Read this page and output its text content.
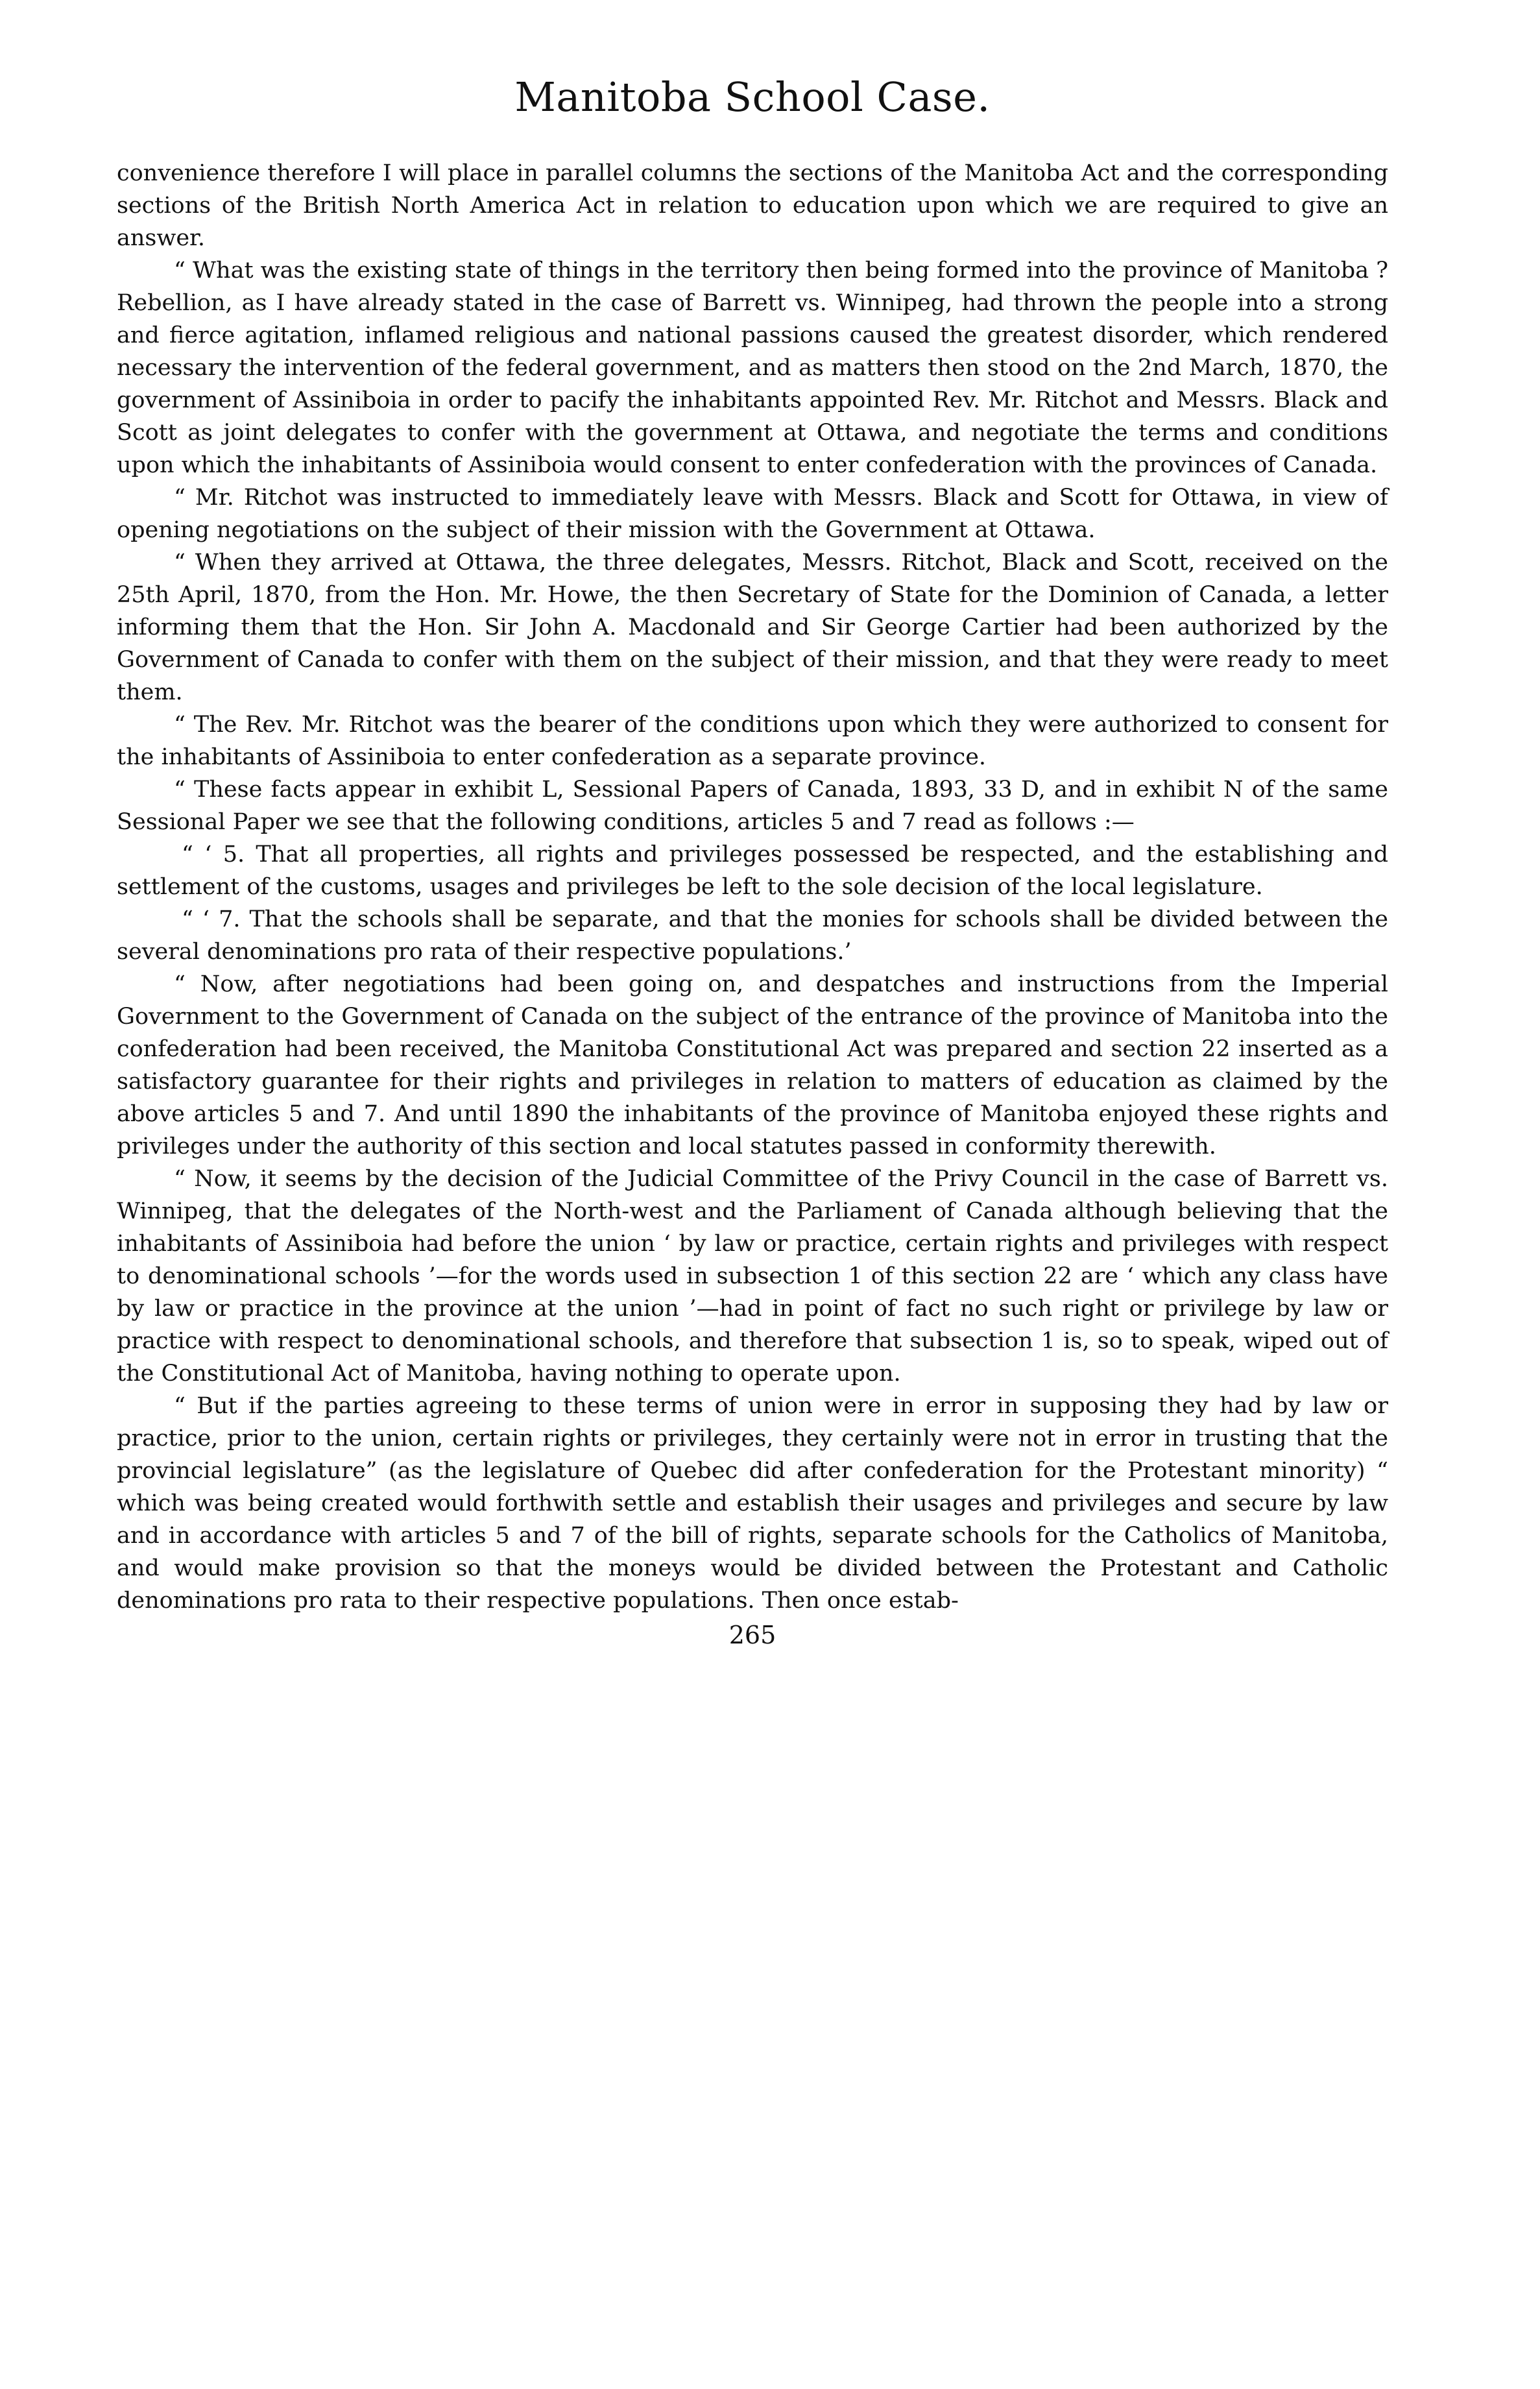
Manitoba School Case.

convenience therefore I will place in parallel columns the sections of the Manitoba Act and the corresponding sections of the British North America Act in relation to education upon which we are required to give an answer.

“ What was the existing state of things in the territory then being formed into the province of Manitoba ? Rebellion, as I have already stated in the case of Barrett vs. Winnipeg, had thrown the people into a strong and fierce agitation, inflamed religious and national passions caused the greatest disorder, which rendered necessary the intervention of the federal government, and as matters then stood on the 2nd March, 1870, the government of Assiniboia in order to pacify the inhabitants appointed Rev. Mr. Ritchot and Messrs. Black and Scott as joint delegates to confer with the government at Ottawa, and negotiate the terms and conditions upon which the inhabitants of Assiniboia would consent to enter confederation with the provinces of Canada.

“ Mr. Ritchot was instructed to immediately leave with Messrs. Black and Scott for Ottawa, in view of opening negotiations on the subject of their mission with the Government at Ottawa.

“ When they arrived at Ottawa, the three delegates, Messrs. Ritchot, Black and Scott, received on the 25th April, 1870, from the Hon. Mr. Howe, the then Secretary of State for the Dominion of Canada, a letter informing them that the Hon. Sir John A. Macdonald and Sir George Cartier had been authorized by the Government of Canada to confer with them on the subject of their mission, and that they were ready to meet them.

“ The Rev. Mr. Ritchot was the bearer of the conditions upon which they were authorized to consent for the inhabitants of Assiniboia to enter confederation as a separate province.

“ These facts appear in exhibit L, Sessional Papers of Canada, 1893, 33 D, and in exhibit N of the same Sessional Paper we see that the following conditions, articles 5 and 7 read as follows :—

“ ‘ 5. That all properties, all rights and privileges possessed be respected, and the establishing and settlement of the customs, usages and privileges be left to the sole decision of the local legislature.

“ ‘ 7. That the schools shall be separate, and that the monies for schools shall be divided between the several denominations pro rata of their respective populations.’

“ Now, after negotiations had been going on, and despatches and instructions from the Imperial Government to the Government of Canada on the subject of the entrance of the province of Manitoba into the confederation had been received, the Manitoba Constitutional Act was prepared and section 22 inserted as a satisfactory guarantee for their rights and privileges in relation to matters of education as claimed by the above articles 5 and 7. And until 1890 the inhabitants of the province of Manitoba enjoyed these rights and privileges under the authority of this section and local statutes passed in conformity therewith.

“ Now, it seems by the decision of the Judicial Committee of the Privy Council in the case of Barrett vs. Winnipeg, that the delegates of the North-west and the Parliament of Canada although believing that the inhabitants of Assiniboia had before the union ‘ by law or practice, certain rights and privileges with respect to denominational schools ’—for the words used in subsection 1 of this section 22 are ‘ which any class have by law or practice in the province at the union ’—had in point of fact no such right or privilege by law or practice with respect to denominational schools, and therefore that subsection 1 is, so to speak, wiped out of the Constitutional Act of Manitoba, having nothing to operate upon.

“ But if the parties agreeing to these terms of union were in error in supposing they had by law or practice, prior to the union, certain rights or privileges, they certainly were not in error in trusting that the provincial legislature” (as the legislature of Quebec did after confederation for the Protestant minority) “ which was being created would forthwith settle and establish their usages and privileges and secure by law and in accordance with articles 5 and 7 of the bill of rights, separate schools for the Catholics of Manitoba, and would make provision so that the moneys would be divided between the Protestant and Catholic denominations pro rata to their respective populations. Then once estab-

265
